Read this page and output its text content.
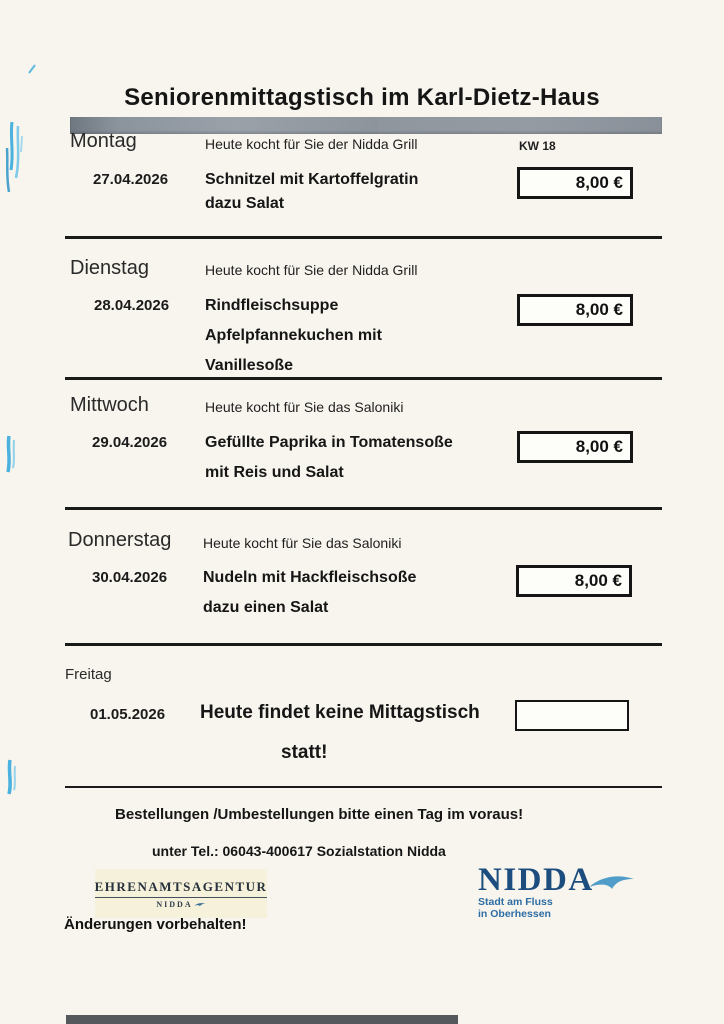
Seniorenmittagstisch im Karl-Dietz-Haus
Montag	Heute kocht für Sie der Nidda Grill	KW 18
27.04.2026 Schnitzel mit Kartoffelgratin
dazu Salat
8,00 €
Dienstag	Heute kocht für Sie der Nidda Grill
28.04.2026 Rindfleischsuppe
Apfelpfannekuchen mit
Vanillesoße
8,00 €
Mittwoch	Heute kocht für Sie das Saloniki
29.04.2026 Gefüllte Paprika in Tomatensoße
mit Reis und Salat
8,00 €
Donnerstag Heute kocht für Sie das Saloniki
30.04.2026 Nudeln mit Hackfleischsoße
dazu einen Salat
8,00 €
Freitag
01.05.2026 Heute findet keine Mittagstisch
statt!
Bestellungen /Umbestellungen bitte einen Tag im voraus!
unter Tel.: 06043-400617 Sozialstation Nidda
EHRENAMTSAGENTUR
NIDDA
NIDDA
Stadt am Fluss
in Oberhessen
Änderungen vorbehalten!
